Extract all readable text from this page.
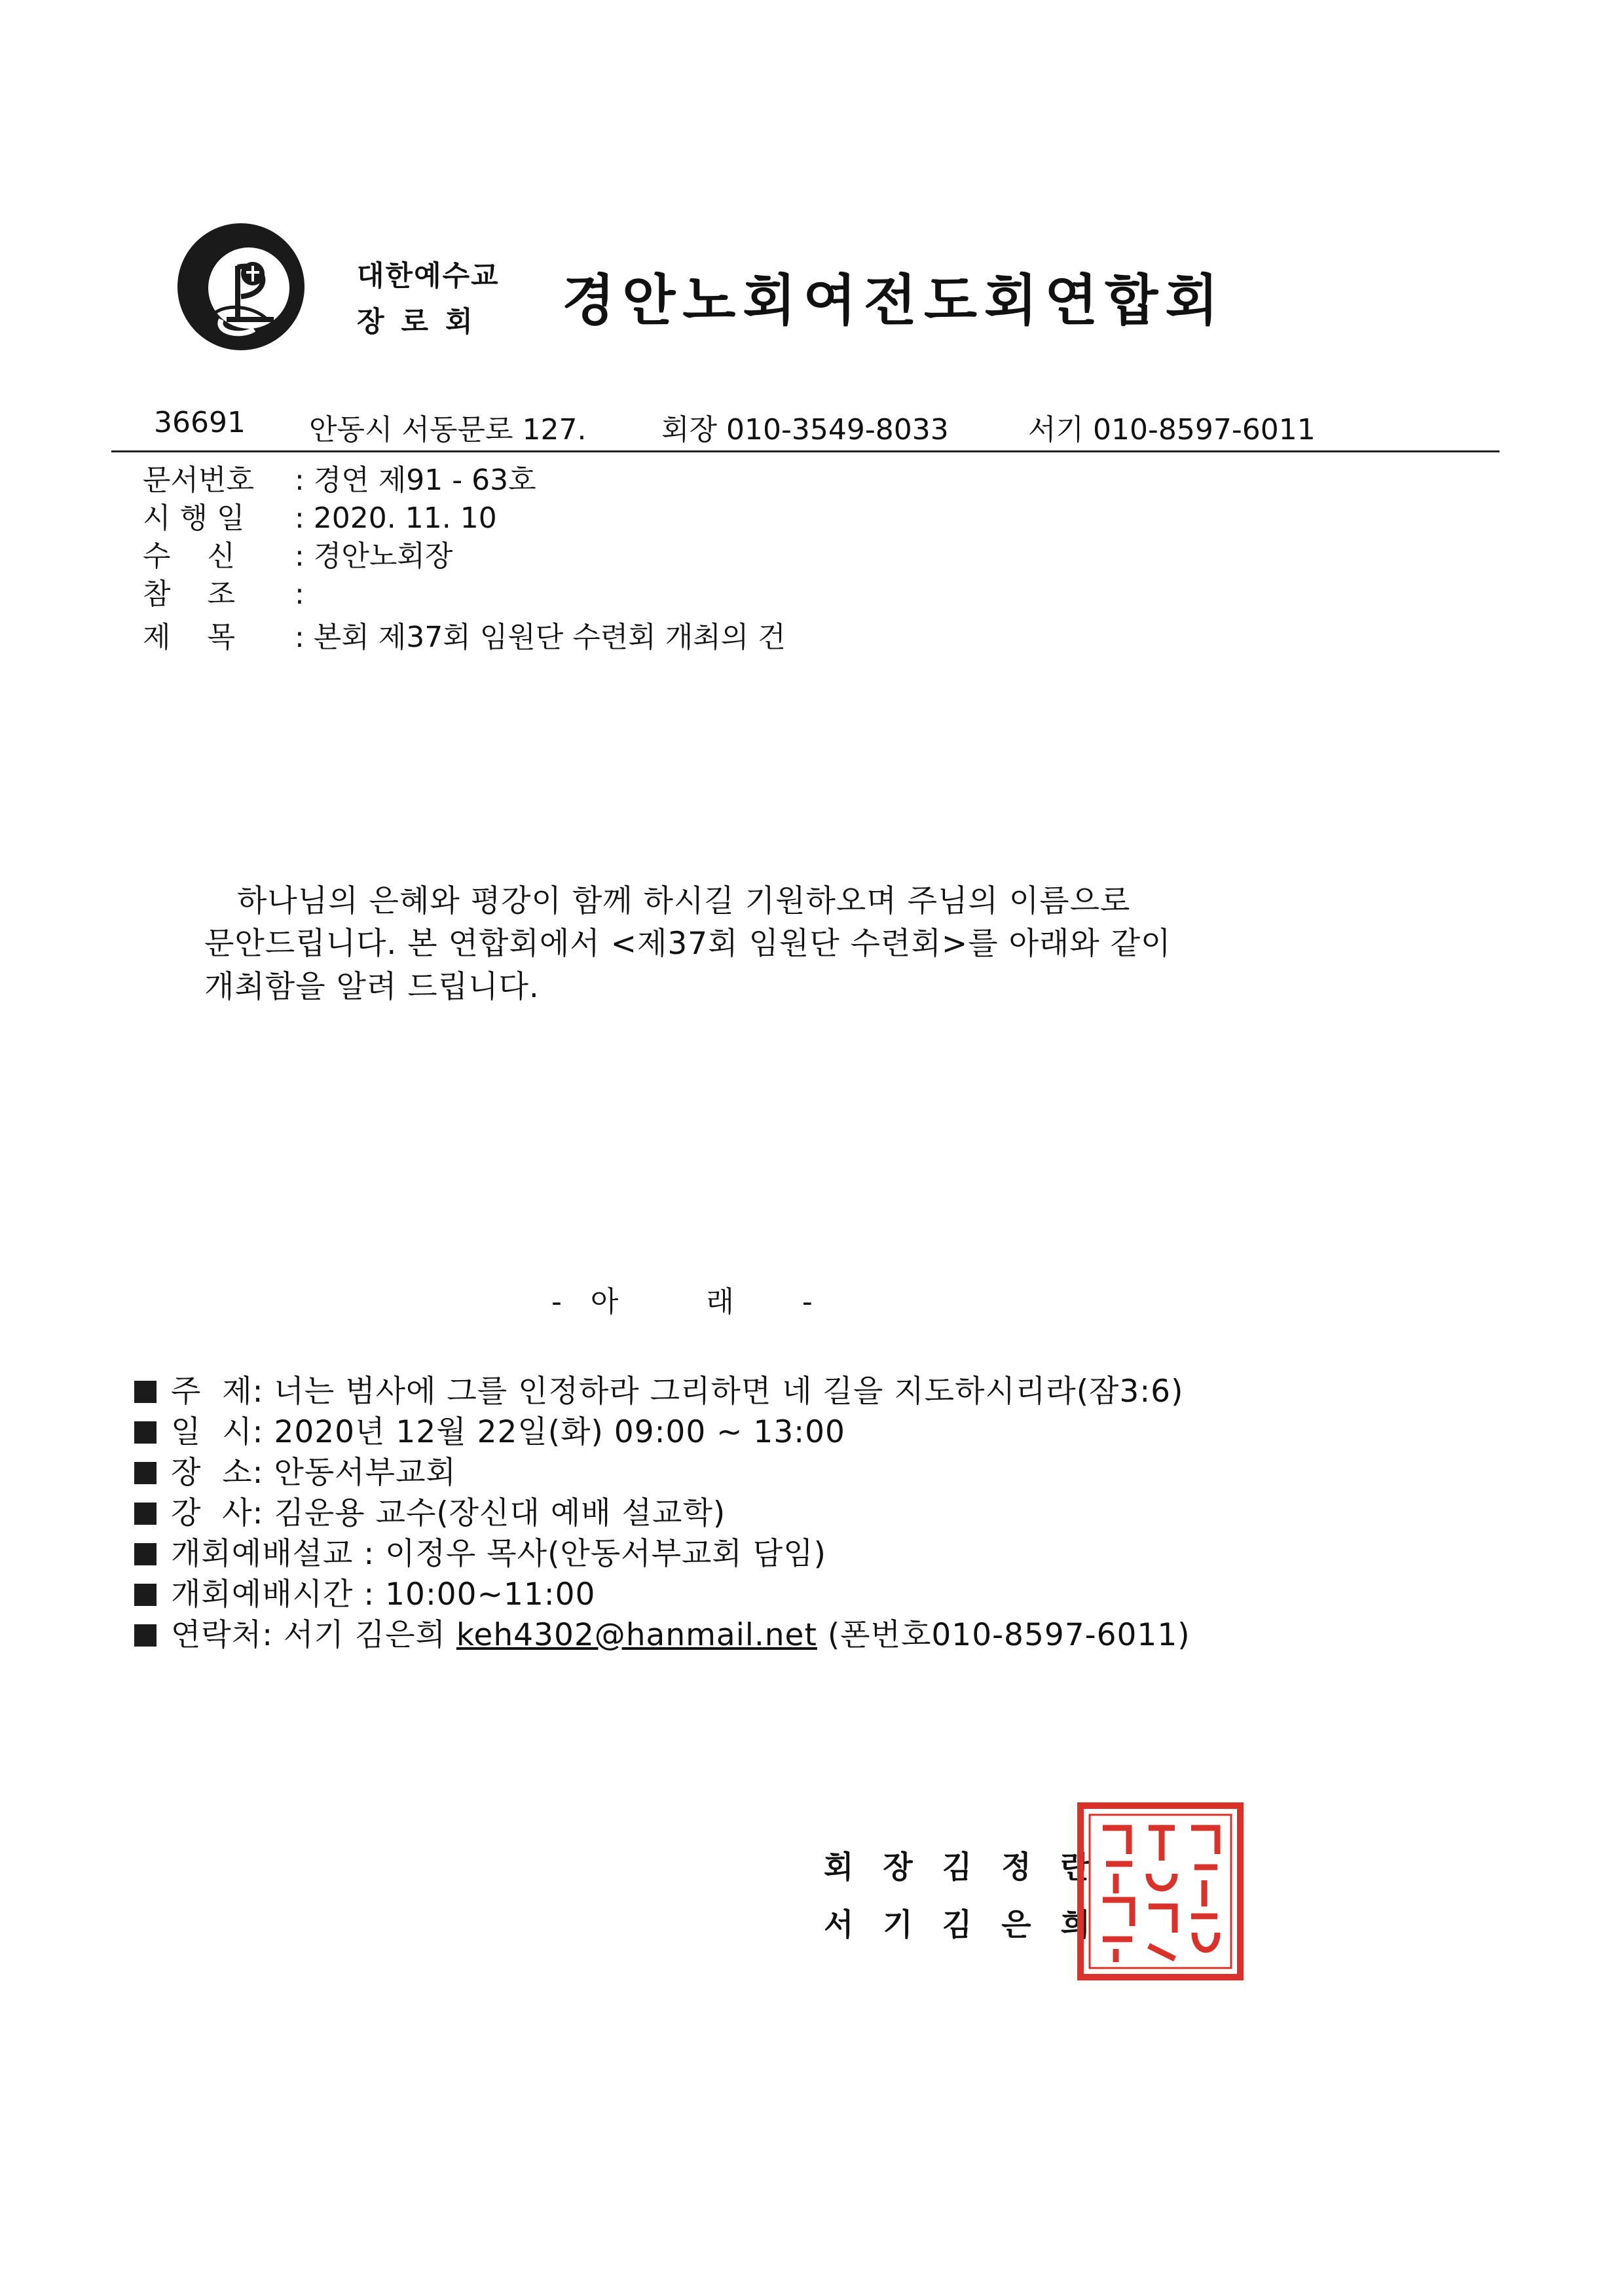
대한예수교
장로회 경안노회여전도회연합회
36691 안동시 서동문로 127.	회장 010-3549-8033	서기 010-8597-6011
문서번호 : 경연 제91 - 63호
시 행 일 : 2020. 11. 10
수    신 : 경안노회장
참    조 :
제    목 : 본회 제37회 임원단 수련회 개최의 건
하나님의 은혜와 평강이 함께 하시길 기원하오며 주님의 이름으로
문안드립니다. 본 연합회에서 <제37회 임원단 수련회>를 아래와 같이
개최함을 알려 드립니다.
- 아 래 -
주  제: 너는 범사에 그를 인정하라 그리하면 네 길을 지도하시리라(잠3:6)
일  시: 2020년 12월 22일(화) 09:00 ~ 13:00
장  소: 안동서부교회
강  사: 김운용 교수(장신대 예배 설교학)
개회예배설교 : 이정우 목사(안동서부교회 담임)
개회예배시간 : 10:00~11:00
연락처: 서기 김은희 keh4302@hanmail.net (폰번호010-8597-6011)
회장김정란
서기김은희
